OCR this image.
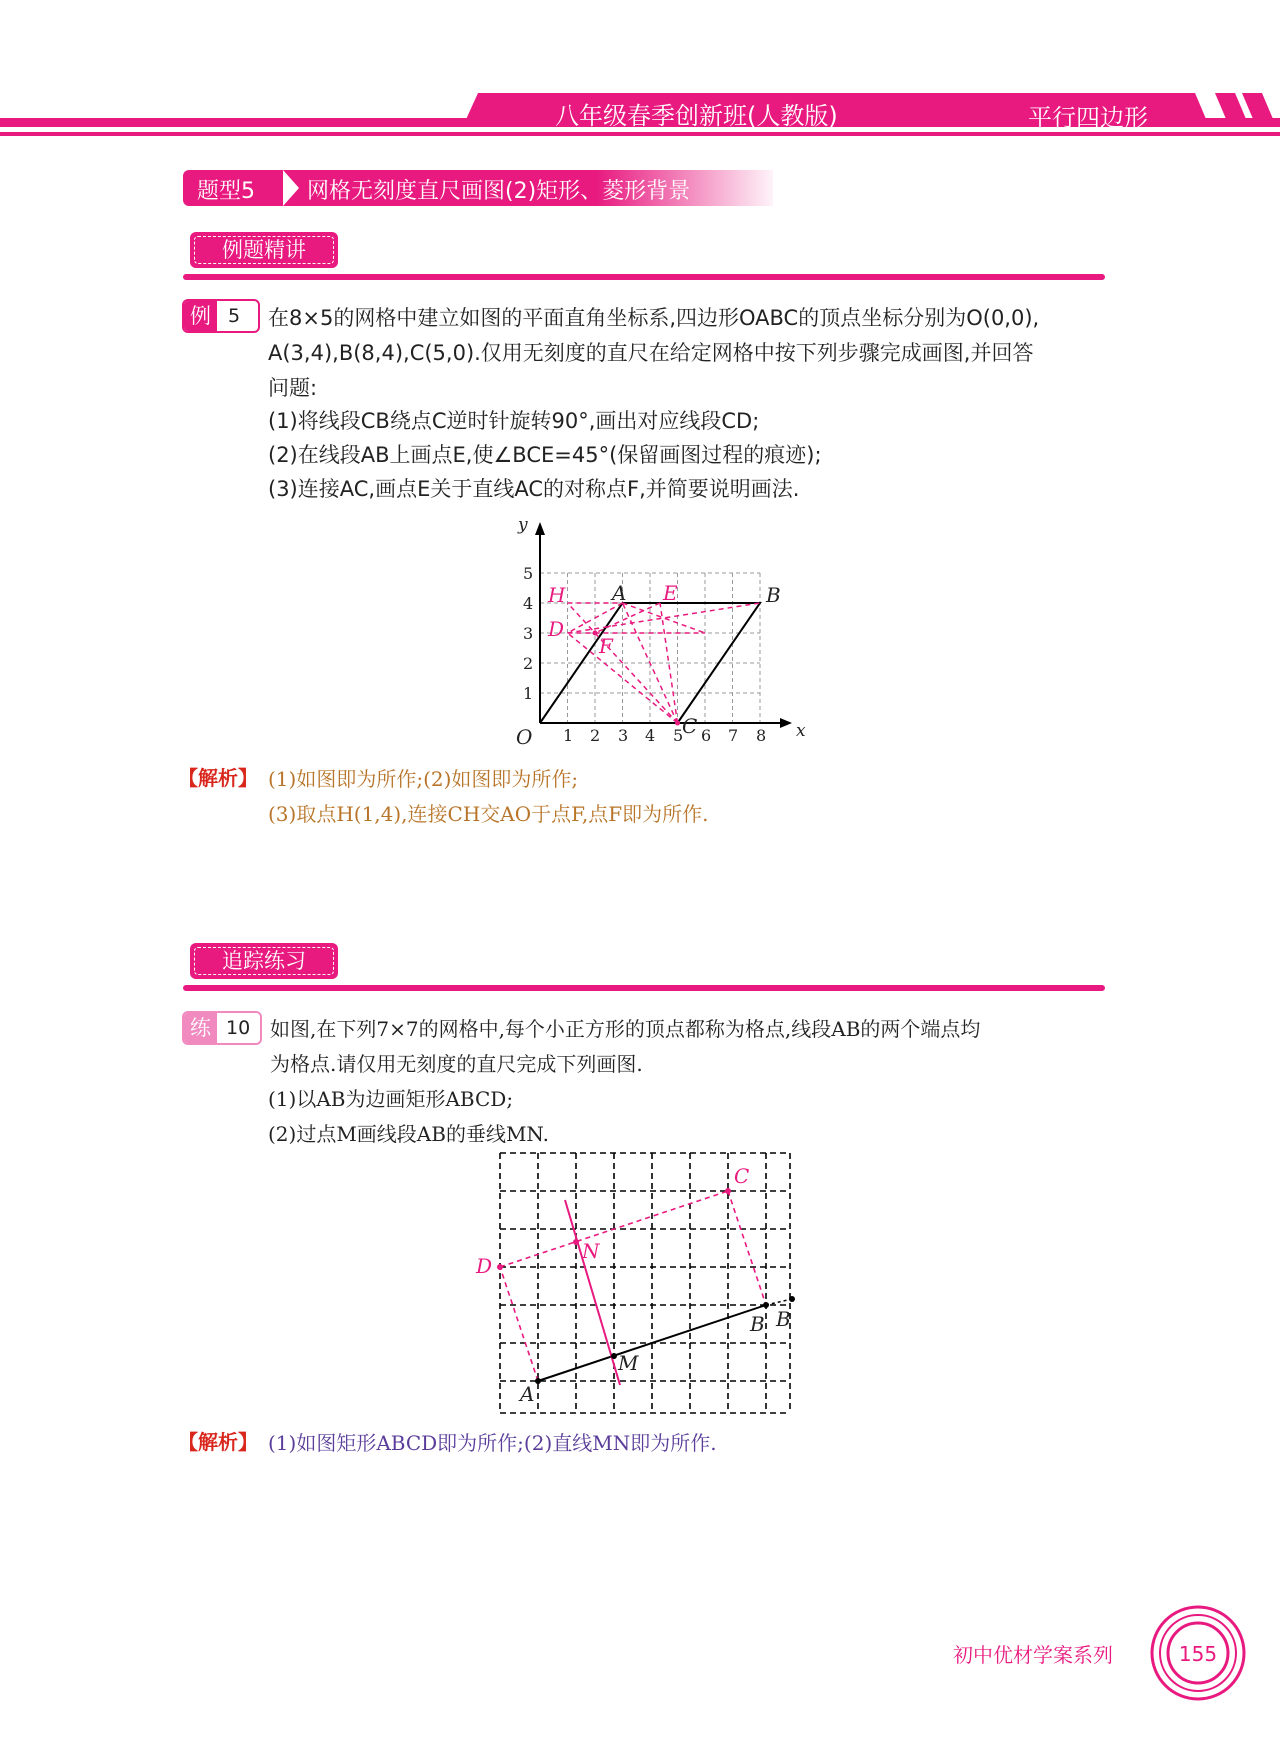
八年级春季创新班(人教版)	平行四边形
题型5 网格无刻度直尺画图(2)矩形、菱形背景
例题精讲
例 5 在8×5的网格中建立如图的平面直角坐标系,四边形OABC的顶点坐标分别为O(0,0),
A(3,4),B(8,4),C(5,0).仅用无刻度的直尺在给定网格中按下列步骤完成画图,并回答
问题:
(1)将线段CB绕点C逆时针旋转90°,画出对应线段CD;
(2)在线段AB上画点E,使∠BCE=45°(保留画图过程的痕迹);
(3)连接AC,画点E关于直线AC的对称点F,并简要说明画法.
x
y
O 1 2 3 4 5 6 7 8
1
2
3
4
5
H A E	B
D
F
C
【解析】 (1)如图即为所作;(2)如图即为所作;
(3)取点H(1,4),连接CH交AO于点F,点F即为所作.
追踪练习
练 10 如图,在下列7×7的网格中,每个小正方形的顶点都称为格点,线段AB的两个端点均
为格点.请仅用无刻度的直尺完成下列画图.
(1)以AB为边画矩形ABCD;
(2)过点M画线段AB的垂线MN.
A
B B
C
D
M
N
【解析】 (1)如图矩形ABCD即为所作;(2)直线MN即为所作.
初中优材学案系列	155
